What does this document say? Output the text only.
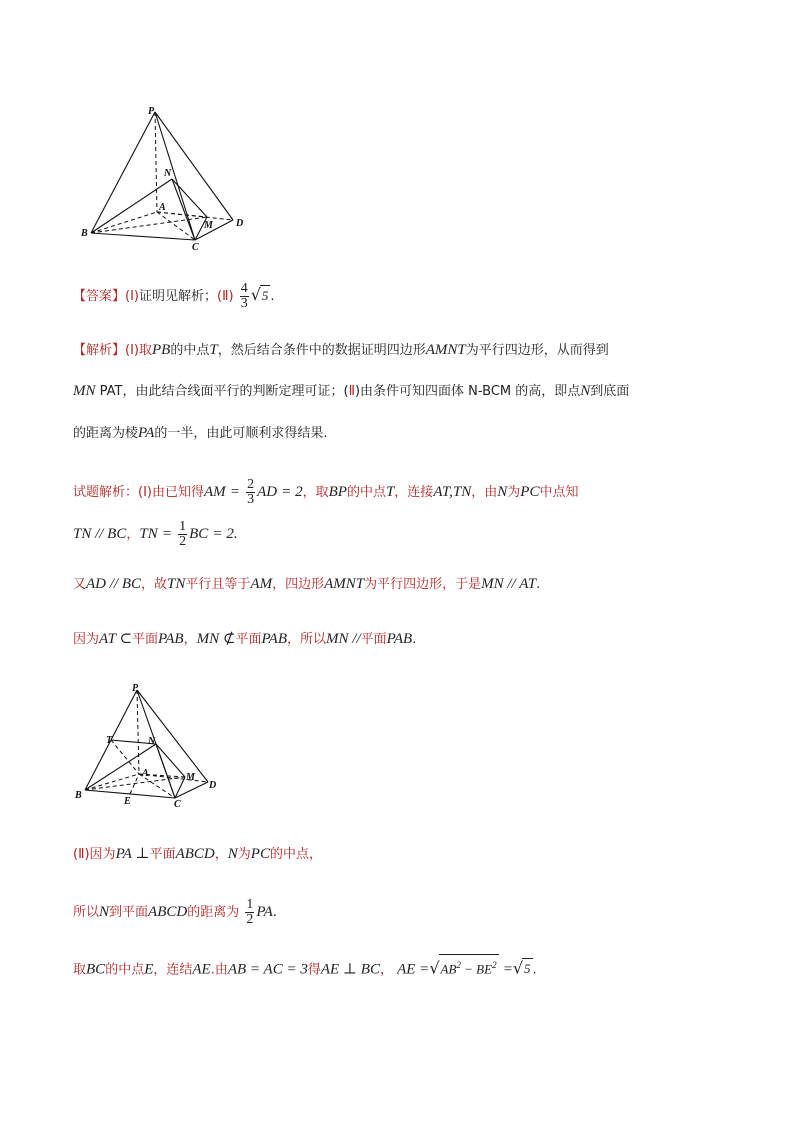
P
N
A
M
B
C
D
【答案】(Ⅰ)证明见解析；(Ⅱ) $\frac{4}{3} √5$ .
【解析】(Ⅰ)取PB的中点T，然后结合条件中的数据证明四边形AMNT为平行四边形，从而得到
MN PAT，由此结合线面平行的判断定理可证；(Ⅱ)由条件可知四面体 N-BCM 的高，即点N到底面
的距离为棱PA的一半，由此可顺利求得结果.
试题解析：(Ⅰ)由已知得AM = $\frac{2}{3}$ AD = 2，取BP的中点T，连接AT,TN，由N为PC中点知
TN // BC，TN = $\frac{1}{2}$ BC = 2.
又AD // BC，故TN平行且等于AM，四边形AMNT为平行四边形，于是MN // AT.
因为AT ⊂平面PAB，MN ⊄平面PAB，所以MN //平面PAB.
P
T	N
A	M
B
E	C
D
(Ⅱ)因为PA ⊥平面ABCD，N为PC的中点，
所以N到平面ABCD的距离为 $\frac{1}{2}$ PA.
取BC的中点E，连结AE.由AB = AC = 3得AE ⊥ BC， AE $=√AB^2 - BE^2 =√5$ .
